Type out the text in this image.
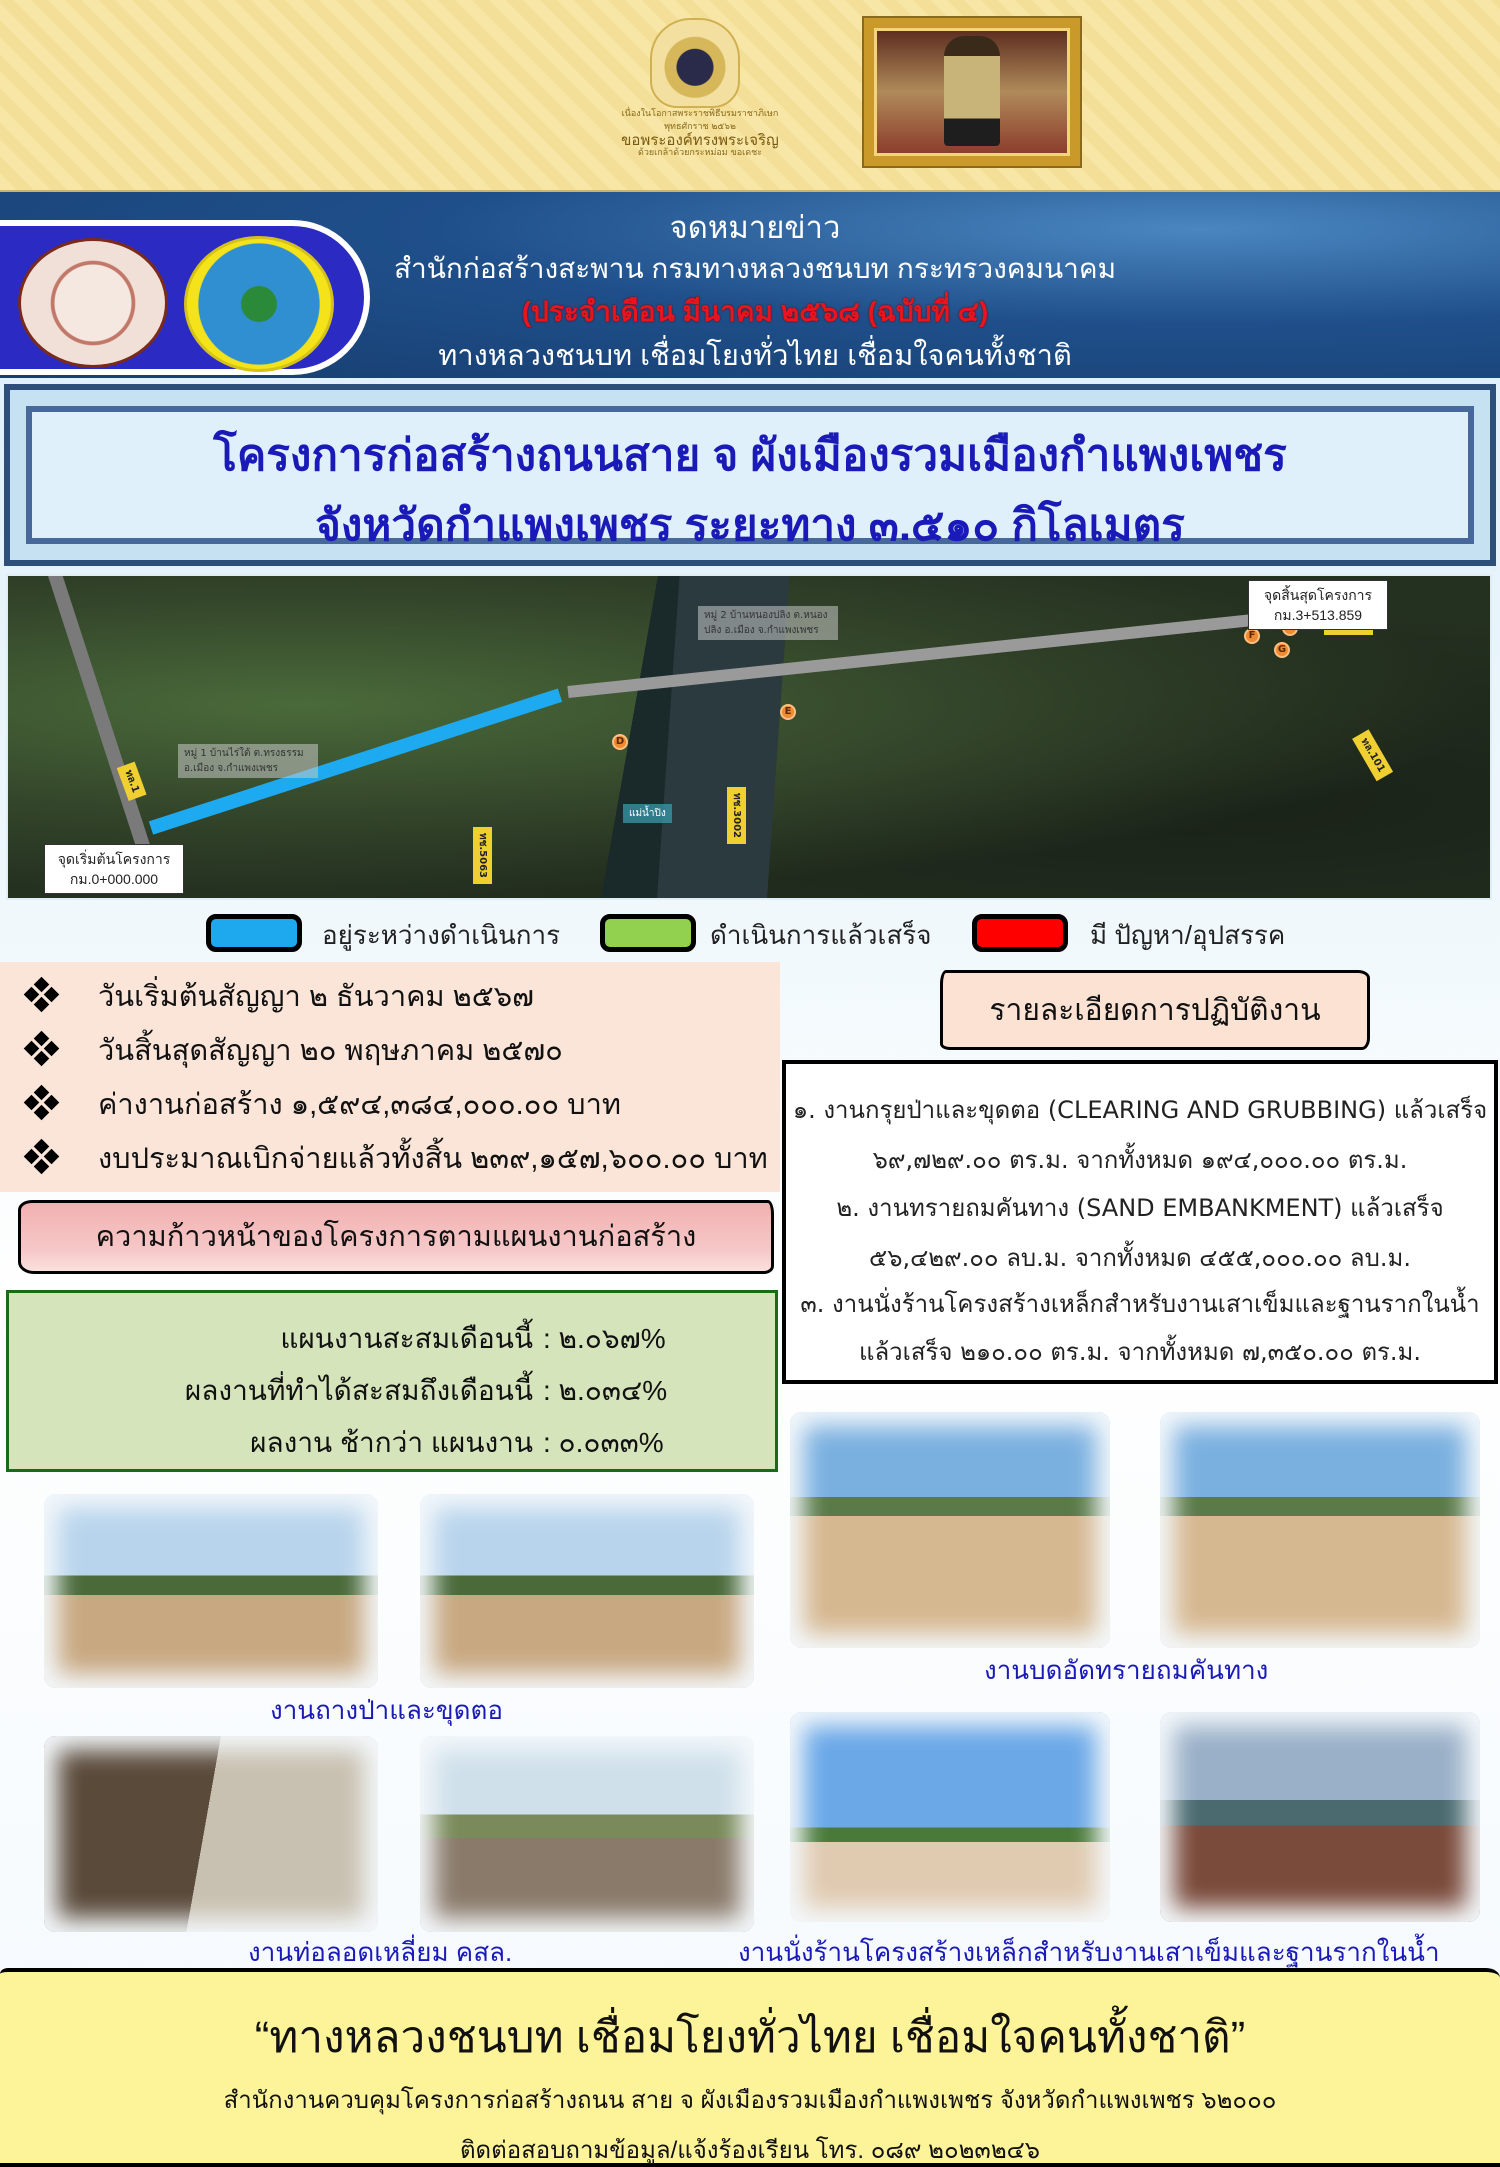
เนื่องในโอกาสพระราชพิธีบรมราชาภิเษก พุทธศักราช ๒๕๖๒
ขอพระองค์ทรงพระเจริญ
ด้วยเกล้าด้วยกระหม่อม ขอเดชะ
จดหมายข่าว
สำนักก่อสร้างสะพาน กรมทางหลวงชนบท กระทรวงคมนาคม
(ประจำเดือน มีนาคม ๒๕๖๘ (ฉบับที่ ๔)
ทางหลวงชนบท เชื่อมโยงทั่วไทย เชื่อมใจคนทั้งชาติ
โครงการก่อสร้างถนนสาย จ ผังเมืองรวมเมืองกำแพงเพชร
จังหวัดกำแพงเพชร ระยะทาง ๓.๕๑๐ กิโลเมตร
หมู่ 1 บ้านไร่ใต้ ต.ทรงธรรม อ.เมือง จ.กำแพงเพชร
หมู่ 2 บ้านหนองปลิง ต.หนองปลิง อ.เมือง จ.กำแพงเพชร
แม่น้ำปิง
ทล.1
ทช.5063
ทช.3002
ทล.101
D
E
F
G
จุดเริ่มต้นโครงการ
กม.0+000.000
จุดสิ้นสุดโครงการ
กม.3+513.859
อยู่ระหว่างดำเนินการ	ดำเนินการแล้วเสร็จ	มี ปัญหา/อุปสรรค
วันเริ่มต้นสัญญา ๒ ธันวาคม ๒๕๖๗
วันสิ้นสุดสัญญา ๒๐ พฤษภาคม ๒๕๗๐
ค่างานก่อสร้าง ๑,๕๙๔,๓๘๔,๐๐๐.๐๐ บาท
งบประมาณเบิกจ่ายแล้วทั้งสิ้น ๒๓๙,๑๕๗,๖๐๐.๐๐ บาท
ความก้าวหน้าของโครงการตามแผนงานก่อสร้าง
แผนงานสะสมเดือนนี้ : ๒.๐๖๗%
ผลงานที่ทำได้สะสมถึงเดือนนี้ : ๒.๐๓๔%
ผลงาน ช้ากว่า แผนงาน : ๐.๐๓๓%
รายละเอียดการปฏิบัติงาน
๑. งานกรุยป่าและขุดตอ (CLEARING AND GRUBBING) แล้วเสร็จ
๖๙,๗๒๙.๐๐ ตร.ม. จากทั้งหมด ๑๙๔,๐๐๐.๐๐ ตร.ม.
๒. งานทรายถมคันทาง (SAND EMBANKMENT) แล้วเสร็จ
๕๖,๔๒๙.๐๐ ลบ.ม. จากทั้งหมด ๔๕๕,๐๐๐.๐๐ ลบ.ม.
๓. งานนั่งร้านโครงสร้างเหล็กสำหรับงานเสาเข็มและฐานรากในน้ำ
แล้วเสร็จ ๒๑๐.๐๐ ตร.ม. จากทั้งหมด ๗,๓๕๐.๐๐ ตร.ม.
งานถางป่าและขุดตอ
งานบดอัดทรายถมคันทาง
งานท่อลอดเหลี่ยม คสล.	งานนั่งร้านโครงสร้างเหล็กสำหรับงานเสาเข็มและฐานรากในน้ำ
“ทางหลวงชนบท เชื่อมโยงทั่วไทย เชื่อมใจคนทั้งชาติ”
สำนักงานควบคุมโครงการก่อสร้างถนน สาย จ ผังเมืองรวมเมืองกำแพงเพชร จังหวัดกำแพงเพชร ๖๒๐๐๐
ติดต่อสอบถามข้อมูล/แจ้งร้องเรียน โทร. ๐๘๙ ๒๐๒๓๒๔๖
